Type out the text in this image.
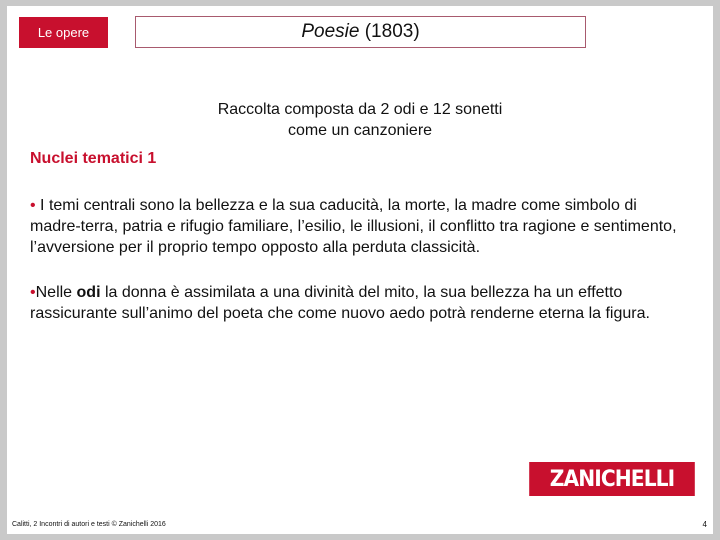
Le opere	Poesie (1803)
Raccolta composta da 2 odi e 12 sonetti
come un canzoniere
Nuclei tematici 1
• I temi centrali sono la bellezza e la sua caducità, la morte, la madre come simbolo di madre-terra, patria e rifugio familiare, l’esilio, le illusioni, il conflitto tra ragione e sentimento, l’avversione per il proprio tempo opposto alla perduta classicità.
•Nelle odi la donna è assimilata a una divinità del mito, la sua bellezza ha un effetto rassicurante sull’animo del poeta che come nuovo aedo potrà renderne eterna la figura.
ZANICHELLI
Calitti, 2 Incontri di autori e testi © Zanichelli 2016	4
